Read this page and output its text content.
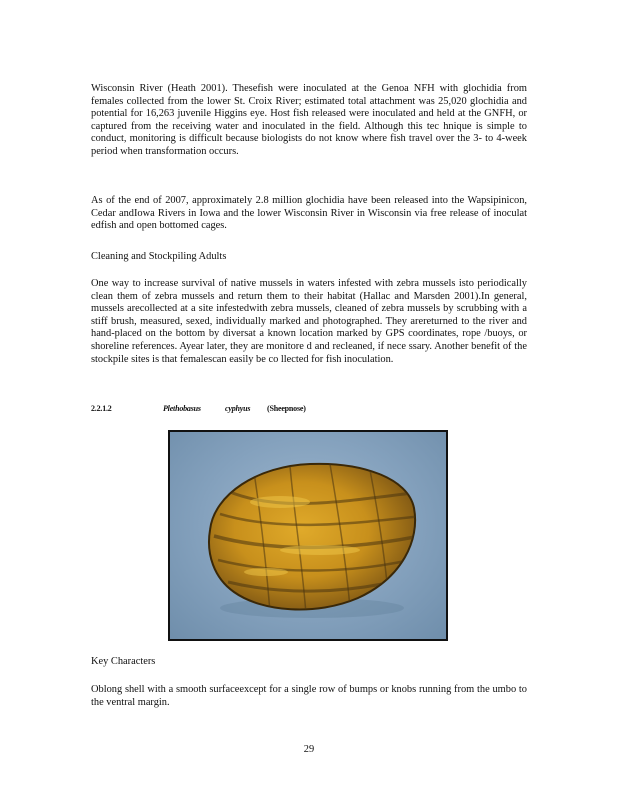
Wisconsin River (Heath 2001). Thesefish were inoculated at the Genoa NFH with glochidia from females collected from the lower St. Croix River; estimated total attachment was 25,020 glochidia and potential for 16,263 juvenile Higgins eye. Host fish released were inoculated and held at the GNFH, or captured from the receiving water and inoculated in the field. Although this tec hnique is simple to conduct, monitoring is difficult because biologists do not know where fish travel over the 3- to 4-week period when transformation occurs.

As of the end of 2007, approximately 2.8 million glochidia have been released into the Wapsipinicon, Cedar andIowa Rivers in Iowa and the lower Wisconsin River in Wisconsin via free release of inoculat edfish and open bottomed cages.

Cleaning and Stockpiling Adults

One way to increase survival of native mussels in waters infested with zebra mussels isto periodically clean them of zebra mussels and return them to their habitat (Hallac and Marsden 2001).In general, mussels arecollected at a site infestedwith zebra mussels, cleaned of zebra mussels by scrubbing with a stiff brush, measured, sexed, individually marked and photographed. They arereturned to the river and hand-placed on the bottom by diversat a known location marked by GPS coordinates, rope /buoys, or shoreline references. Ayear later, they are monitore d and recleaned, if nece ssary. Another benefit of the stockpile sites is that femalescan easily be co llected for fish inoculation.

2.2.1.2	Plethobasus	cyphyus (Sheepnose)

Key Characters

Oblong shell with a smooth surfaceexcept for a single row of bumps or knobs running from the umbo to the ventral margin.

29
